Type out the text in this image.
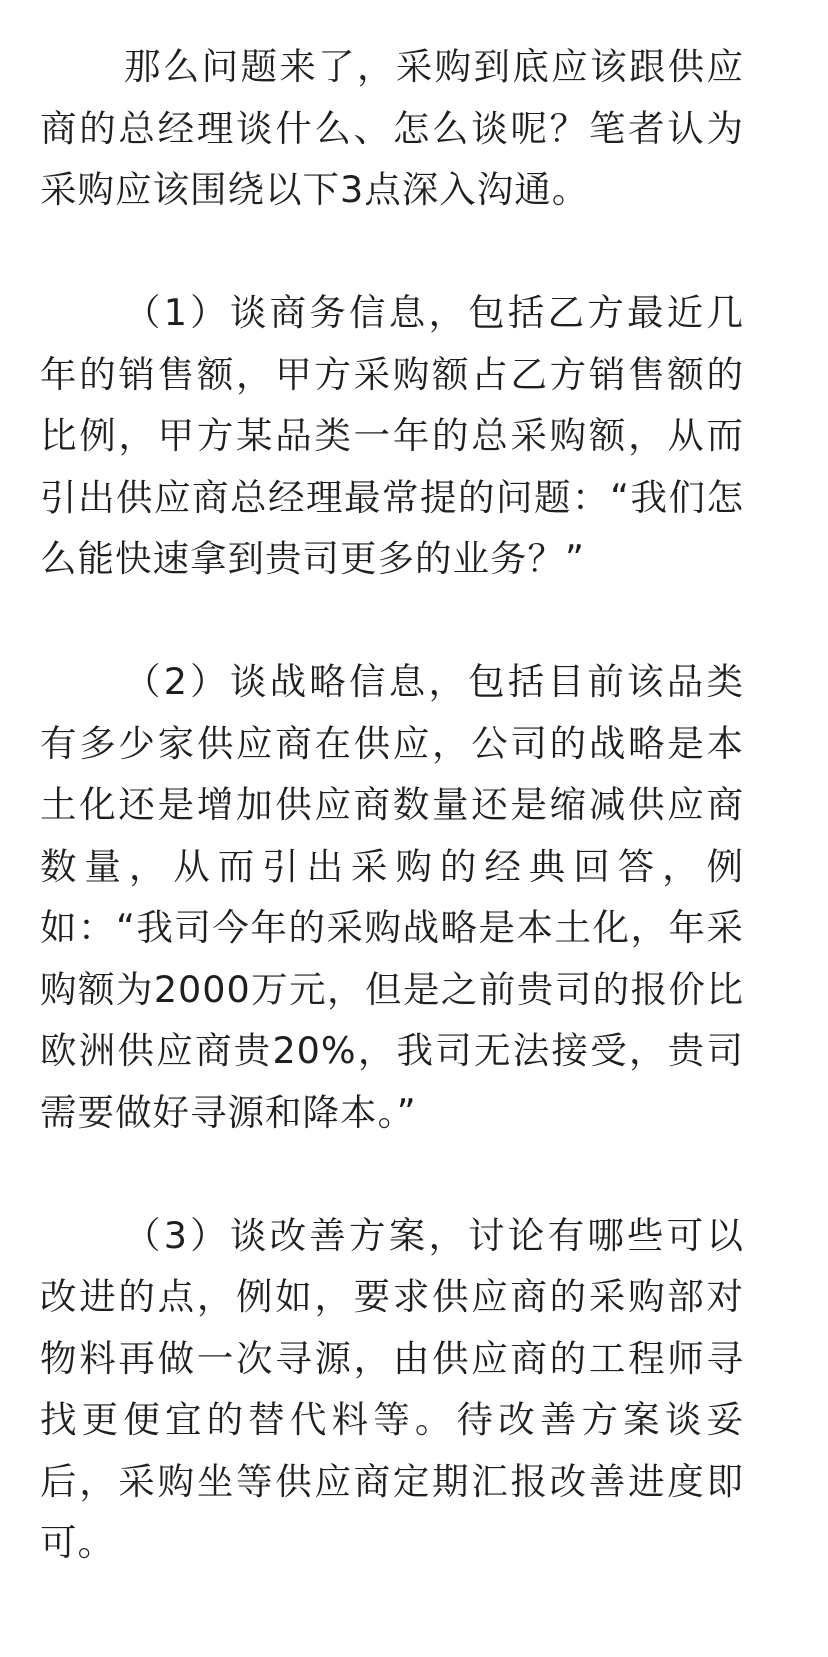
那么问题来了，采购到底应该跟供应商的总经理谈什么、怎么谈呢？笔者认为采购应该围绕以下3点深入沟通。

（1）谈商务信息，包括乙方最近几年的销售额，甲方采购额占乙方销售额的比例，甲方某品类一年的总采购额，从而引出供应商总经理最常提的问题：“我们怎么能快速拿到贵司更多的业务？”

（2）谈战略信息，包括目前该品类有多少家供应商在供应，公司的战略是本土化还是增加供应商数量还是缩减供应商数量，从而引出采购的经典回答，例如：“我司今年的采购战略是本土化，年采购额为2000万元，但是之前贵司的报价比欧洲供应商贵20%，我司无法接受，贵司需要做好寻源和降本。”

（3）谈改善方案，讨论有哪些可以改进的点，例如，要求供应商的采购部对物料再做一次寻源，由供应商的工程师寻找更便宜的替代料等。待改善方案谈妥后，采购坐等供应商定期汇报改善进度即可。
